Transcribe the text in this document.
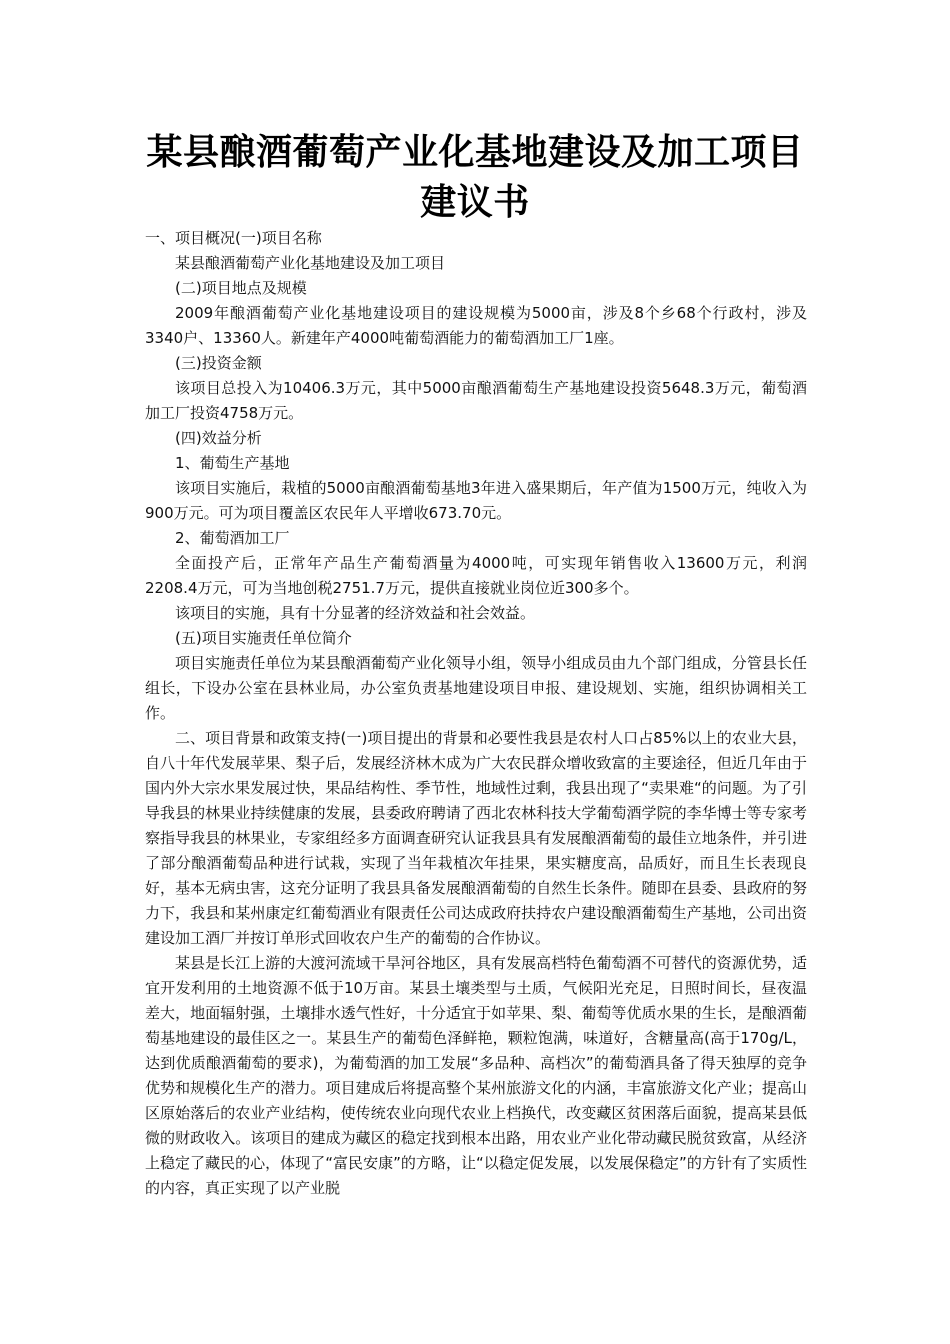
某县酿酒葡萄产业化基地建设及加工项目建议书

一、项目概况(一)项目名称

某县酿酒葡萄产业化基地建设及加工项目

(二)项目地点及规模

2009年酿酒葡萄产业化基地建设项目的建设规模为5000亩，涉及8个乡68个行政村，涉及3340户、13360人。新建年产4000吨葡萄酒能力的葡萄酒加工厂1座。

(三)投资金额

该项目总投入为10406.3万元，其中5000亩酿酒葡萄生产基地建设投资5648.3万元，葡萄酒加工厂投资4758万元。

(四)效益分析

1、葡萄生产基地

该项目实施后，栽植的5000亩酿酒葡萄基地3年进入盛果期后，年产值为1500万元，纯收入为900万元。可为项目覆盖区农民年人平增收673.70元。

2、葡萄酒加工厂

全面投产后，正常年产品生产葡萄酒量为4000吨，可实现年销售收入13600万元，利润2208.4万元，可为当地创税2751.7万元，提供直接就业岗位近300多个。

该项目的实施，具有十分显著的经济效益和社会效益。

(五)项目实施责任单位简介

项目实施责任单位为某县酿酒葡萄产业化领导小组，领导小组成员由九个部门组成，分管县长任组长，下设办公室在县林业局，办公室负责基地建设项目申报、建设规划、实施，组织协调相关工作。

二、项目背景和政策支持(一)项目提出的背景和必要性我县是农村人口占85%以上的农业大县，自八十年代发展苹果、梨子后，发展经济林木成为广大农民群众增收致富的主要途径，但近几年由于国内外大宗水果发展过快，果品结构性、季节性，地域性过剩，我县出现了“卖果难“的问题。为了引导我县的林果业持续健康的发展，县委政府聘请了西北农林科技大学葡萄酒学院的李华博士等专家考察指导我县的林果业，专家组经多方面调查研究认证我县具有发展酿酒葡萄的最佳立地条件，并引进了部分酿酒葡萄品种进行试栽，实现了当年栽植次年挂果，果实糖度高，品质好，而且生长表现良好，基本无病虫害，这充分证明了我县具备发展酿酒葡萄的自然生长条件。随即在县委、县政府的努力下，我县和某州康定红葡萄酒业有限责任公司达成政府扶持农户建设酿酒葡萄生产基地，公司出资建设加工酒厂并按订单形式回收农户生产的葡萄的合作协议。

某县是长江上游的大渡河流域干旱河谷地区，具有发展高档特色葡萄酒不可替代的资源优势，适宜开发利用的土地资源不低于10万亩。某县土壤类型与土质，气候阳光充足，日照时间长，昼夜温差大，地面辐射强，土壤排水透气性好，十分适宜于如苹果、梨、葡萄等优质水果的生长，是酿酒葡萄基地建设的最佳区之一。某县生产的葡萄色泽鲜艳，颗粒饱满，味道好，含糖量高(高于170g/L，达到优质酿酒葡萄的要求)，为葡萄酒的加工发展“多品种、高档次”的葡萄酒具备了得天独厚的竞争优势和规模化生产的潜力。项目建成后将提高整个某州旅游文化的内涵，丰富旅游文化产业；提高山区原始落后的农业产业结构，使传统农业向现代农业上档换代，改变藏区贫困落后面貌，提高某县低微的财政收入。该项目的建成为藏区的稳定找到根本出路，用农业产业化带动藏民脱贫致富，从经济上稳定了藏民的心，体现了“富民安康”的方略，让“以稳定促发展，以发展保稳定”的方针有了实质性的内容，真正实现了以产业脱
